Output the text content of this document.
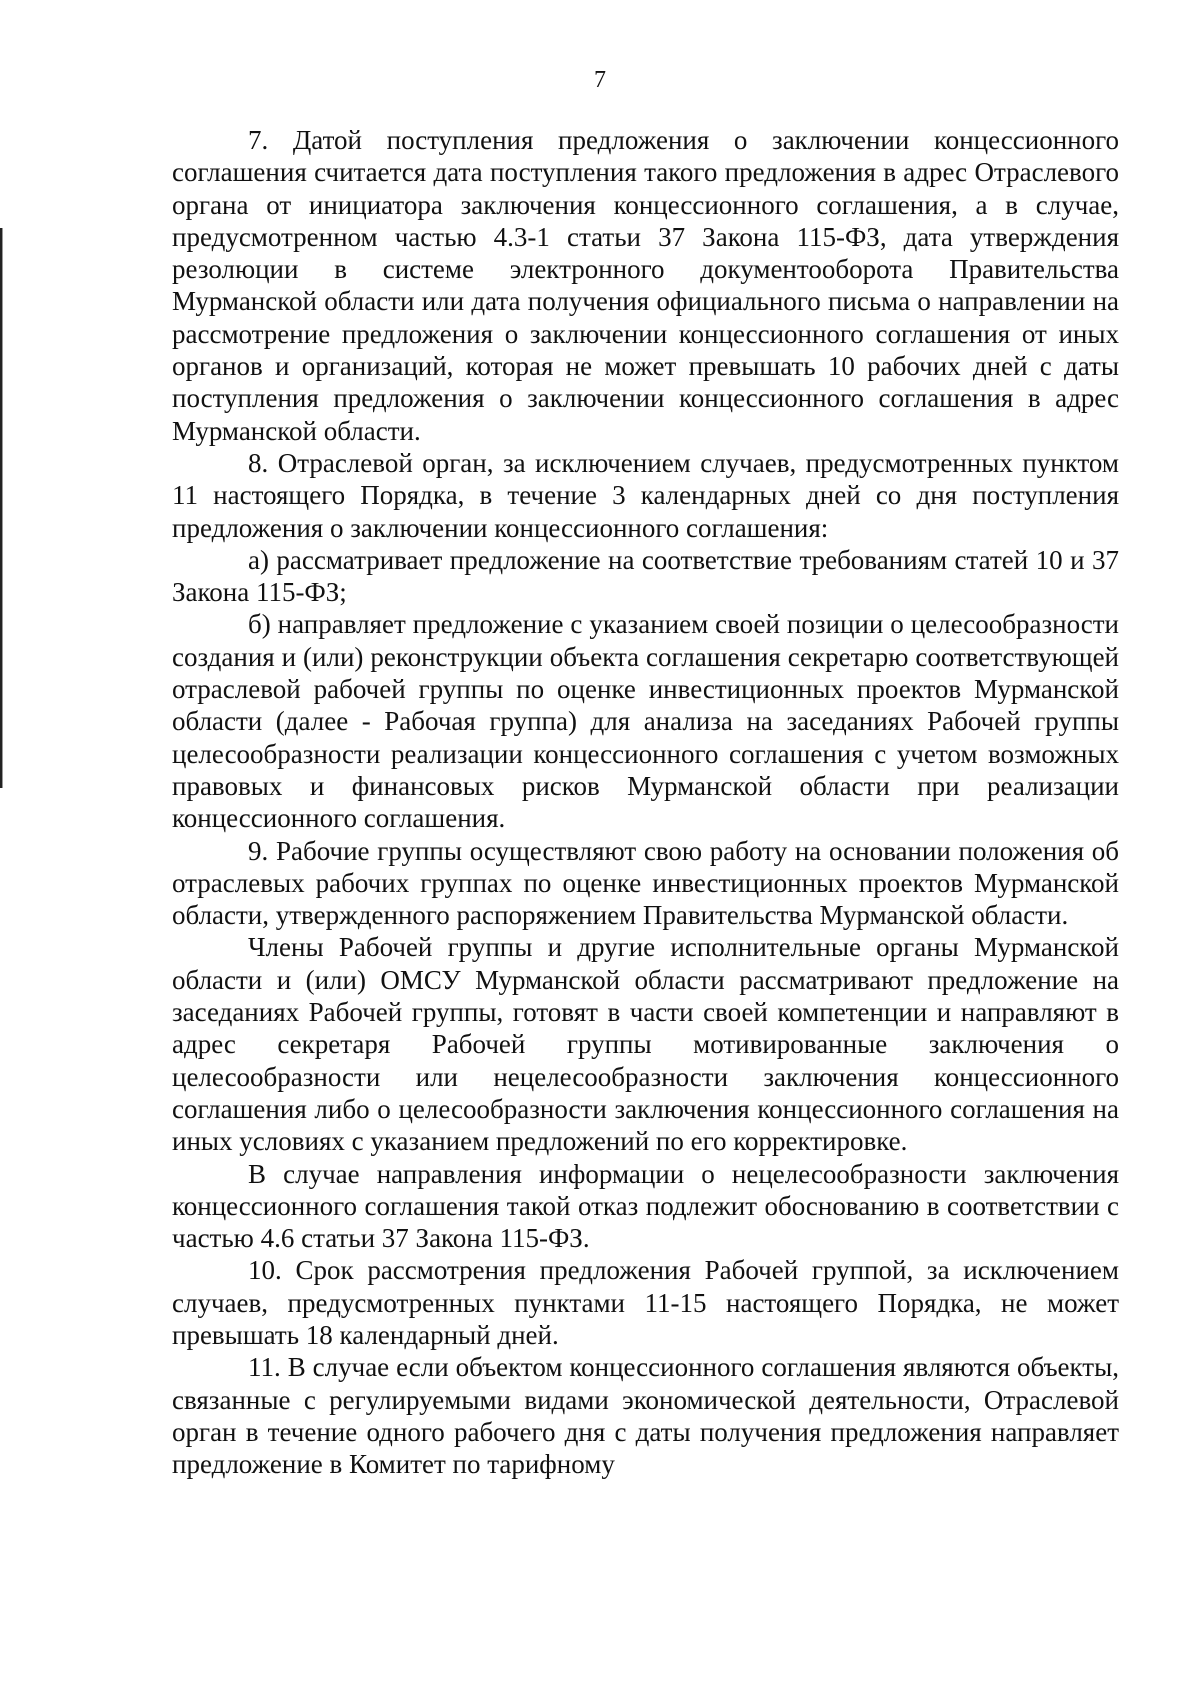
7

7. Датой поступления предложения о заключении концессионного соглашения считается дата поступления такого предложения в адрес Отраслевого органа от инициатора заключения концессионного соглашения, а в случае, предусмотренном частью 4.3-1 статьи 37 Закона 115-ФЗ, дата утверждения резолюции в системе электронного документооборота Правительства Мурманской области или дата получения официального письма о направлении на рассмотрение предложения о заключении концессионного соглашения от иных органов и организаций, которая не может превышать 10 рабочих дней с даты поступления предложения о заключении концессионного соглашения в адрес Мурманской области.

8. Отраслевой орган, за исключением случаев, предусмотренных пунктом 11 настоящего Порядка, в течение 3 календарных дней со дня поступления предложения о заключении концессионного соглашения:

а) рассматривает предложение на соответствие требованиям статей 10 и 37 Закона 115-ФЗ;

б) направляет предложение с указанием своей позиции о целесообразности создания и (или) реконструкции объекта соглашения секретарю соответствующей отраслевой рабочей группы по оценке инвестиционных проектов Мурманской области (далее - Рабочая группа) для анализа на заседаниях Рабочей группы целесообразности реализации концессионного соглашения с учетом возможных правовых и финансовых рисков Мурманской области при реализации концессионного соглашения.

9. Рабочие группы осуществляют свою работу на основании положения об отраслевых рабочих группах по оценке инвестиционных проектов Мурманской области, утвержденного распоряжением Правительства Мурманской области.

Члены Рабочей группы и другие исполнительные органы Мурманской области и (или) ОМСУ Мурманской области рассматривают предложение на заседаниях Рабочей группы, готовят в части своей компетенции и направляют в адрес секретаря Рабочей группы мотивированные заключения о целесообразности или нецелесообразности заключения концессионного соглашения либо о целесообразности заключения концессионного соглашения на иных условиях с указанием предложений по его корректировке.

В случае направления информации о нецелесообразности заключения концессионного соглашения такой отказ подлежит обоснованию в соответствии с частью 4.6 статьи 37 Закона 115-ФЗ.

10. Срок рассмотрения предложения Рабочей группой, за исключением случаев, предусмотренных пунктами 11-15 настоящего Порядка, не может превышать 18 календарный дней.

11. В случае если объектом концессионного соглашения являются объекты, связанные с регулируемыми видами экономической деятельности, Отраслевой орган в течение одного рабочего дня с даты получения предложения направляет предложение в Комитет по тарифному
